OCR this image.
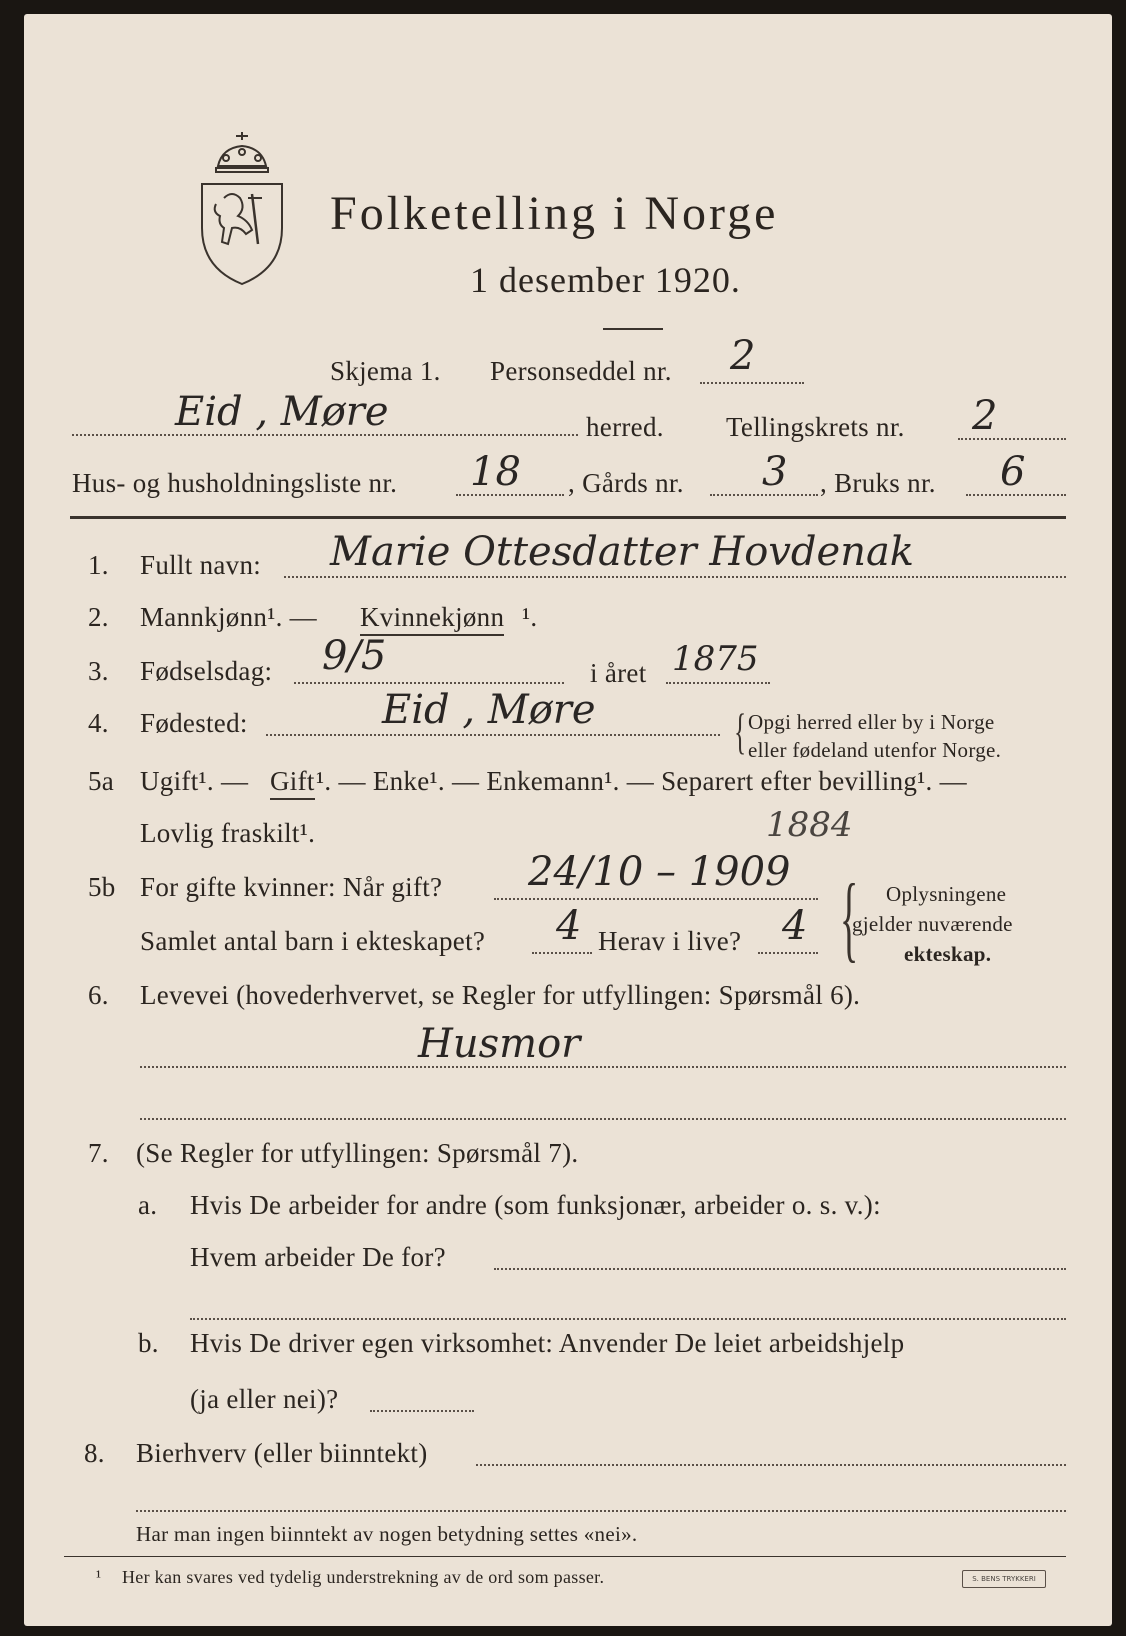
Folketelling i Norge
1 desember 1920.
Skjema 1. Personseddel nr. 2
Eid , Møre	herred. Tellingskrets nr. 2
Hus- og husholdningsliste nr. 18 , Gårds nr. 3 , Bruks nr. 6
1. Fullt navn: Marie Ottesdatter Hovdenak
2. Mannkjønn¹. — Kvinnekjønn ¹.
3. Fødselsdag: 9/5	i året 1875
4. Fødested:	Eid , Møre	{ Opgi herred eller by i Norge
eller fødeland utenfor Norge.
5a Ugift¹. — Gift ¹. — Enke¹. — Enkemann¹. — Separert efter bevilling¹. —
Lovlig fraskilt¹.	1884
5b For gifte kvinner: Når gift? 24/10 – 1909
Samlet antal barn i ekteskapet? 4 Herav i live? 4 { Oplysningene
gjelder nuværende
ekteskap.
6. Levevei (hovederhvervet, se Regler for utfyllingen: Spørsmål 6).
Husmor
7. (Se Regler for utfyllingen: Spørsmål 7).
a. Hvis De arbeider for andre (som funksjonær, arbeider o. s. v.):
Hvem arbeider De for?
b. Hvis De driver egen virksomhet: Anvender De leiet arbeidshjelp
(ja eller nei)?
8. Bierhverv (eller biinntekt)
Har man ingen biinntekt av nogen betydning settes «nei».
¹ Her kan svares ved tydelig understrekning av de ord som passer.	S. BENS TRYKKERI
